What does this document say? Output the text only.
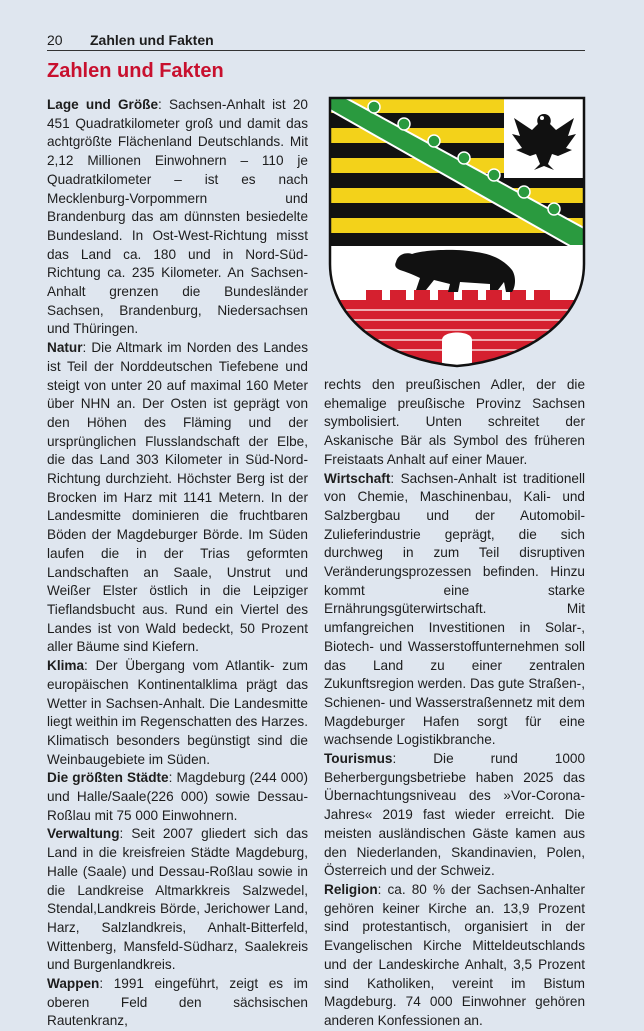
20 Zahlen und Fakten
Zahlen und Fakten

Lage und Größe: Sachsen-Anhalt ist 20 451 Quadratkilometer groß und damit das achtgrößte Flächenland Deutschlands. Mit 2,12 Millionen Einwohnern – 110 je Quadratkilometer – ist es nach Mecklenburg-Vorpommern und Brandenburg das am dünnsten besiedelte Bundesland. In Ost-West-Richtung misst das Land ca. 180 und in Nord-Süd-Richtung ca. 235 Kilometer. An Sachsen-Anhalt grenzen die Bundesländer Sachsen, Brandenburg, Niedersachsen und Thüringen.

Natur: Die Altmark im Norden des Landes ist Teil der Norddeutschen Tiefebene und steigt von unter 20 auf maximal 160 Meter über NHN an. Der Osten ist geprägt von den Höhen des Fläming und der ursprünglichen Flusslandschaft der Elbe, die das Land 303 Kilometer in Süd-Nord-Richtung durchzieht. Höchster Berg ist der Brocken im Harz mit 1141 Metern. In der Landesmitte dominieren die fruchtbaren Böden der Magdeburger Börde. Im Süden laufen die in der Trias geformten Landschaften an Saale, Unstrut und Weißer Elster östlich in die Leipziger Tieflandsbucht aus. Rund ein Viertel des Landes ist von Wald bedeckt, 50 Prozent aller Bäume sind Kiefern.

Klima: Der Übergang vom Atlantik- zum europäischen Kontinentalklima prägt das Wetter in Sachsen-Anhalt. Die Landesmitte liegt weithin im Regenschatten des Harzes. Klimatisch besonders begünstigt sind die Weinbaugebiete im Süden.

Die größten Städte: Magdeburg (244 000) und Halle/Saale(226 000) sowie Dessau-Roßlau mit 75 000 Einwohnern.

Verwaltung: Seit 2007 gliedert sich das Land in die kreisfreien Städte Magdeburg, Halle (Saale) und Dessau-Roßlau sowie in die Landkreise Altmarkkreis Salzwedel, Stendal,Landkreis Börde, Jerichower Land, Harz, Salzlandkreis, Anhalt-Bitterfeld, Wittenberg, Mansfeld-Südharz, Saalekreis und Burgenlandkreis.

Wappen: 1991 eingeführt, zeigt es im oberen Feld den sächsischen Rautenkranz,

rechts den preußischen Adler, der die ehemalige preußische Provinz Sachsen symbolisiert. Unten schreitet der Askanische Bär als Symbol des früheren Freistaats Anhalt auf einer Mauer.

Wirtschaft: Sachsen-Anhalt ist traditionell von Chemie, Maschinenbau, Kali- und Salzbergbau und der Automobil-Zulieferindustrie geprägt, die sich durchweg in zum Teil disruptiven Veränderungsprozessen befinden. Hinzu kommt eine starke Ernährungsgüterwirtschaft. Mit umfangreichen Investitionen in Solar-, Biotech- und Wasserstoffunternehmen soll das Land zu einer zentralen Zukunftsregion werden. Das gute Straßen-, Schienen- und Wasserstraßennetz mit dem Magdeburger Hafen sorgt für eine wachsende Logistikbranche.

Tourismus: Die rund 1000 Beherbergungsbetriebe haben 2025 das Übernachtungsniveau des »Vor-Corona-Jahres« 2019 fast wieder erreicht. Die meisten ausländischen Gäste kamen aus den Niederlanden, Skandinavien, Polen, Österreich und der Schweiz.

Religion: ca. 80 % der Sachsen-Anhalter gehören keiner Kirche an. 13,9 Prozent sind protestantisch, organisiert in der Evangelischen Kirche Mitteldeutschlands und der Landeskirche Anhalt, 3,5 Prozent sind Katholiken, vereint im Bistum Magdeburg. 74 000 Einwohner gehören anderen Konfessionen an.
